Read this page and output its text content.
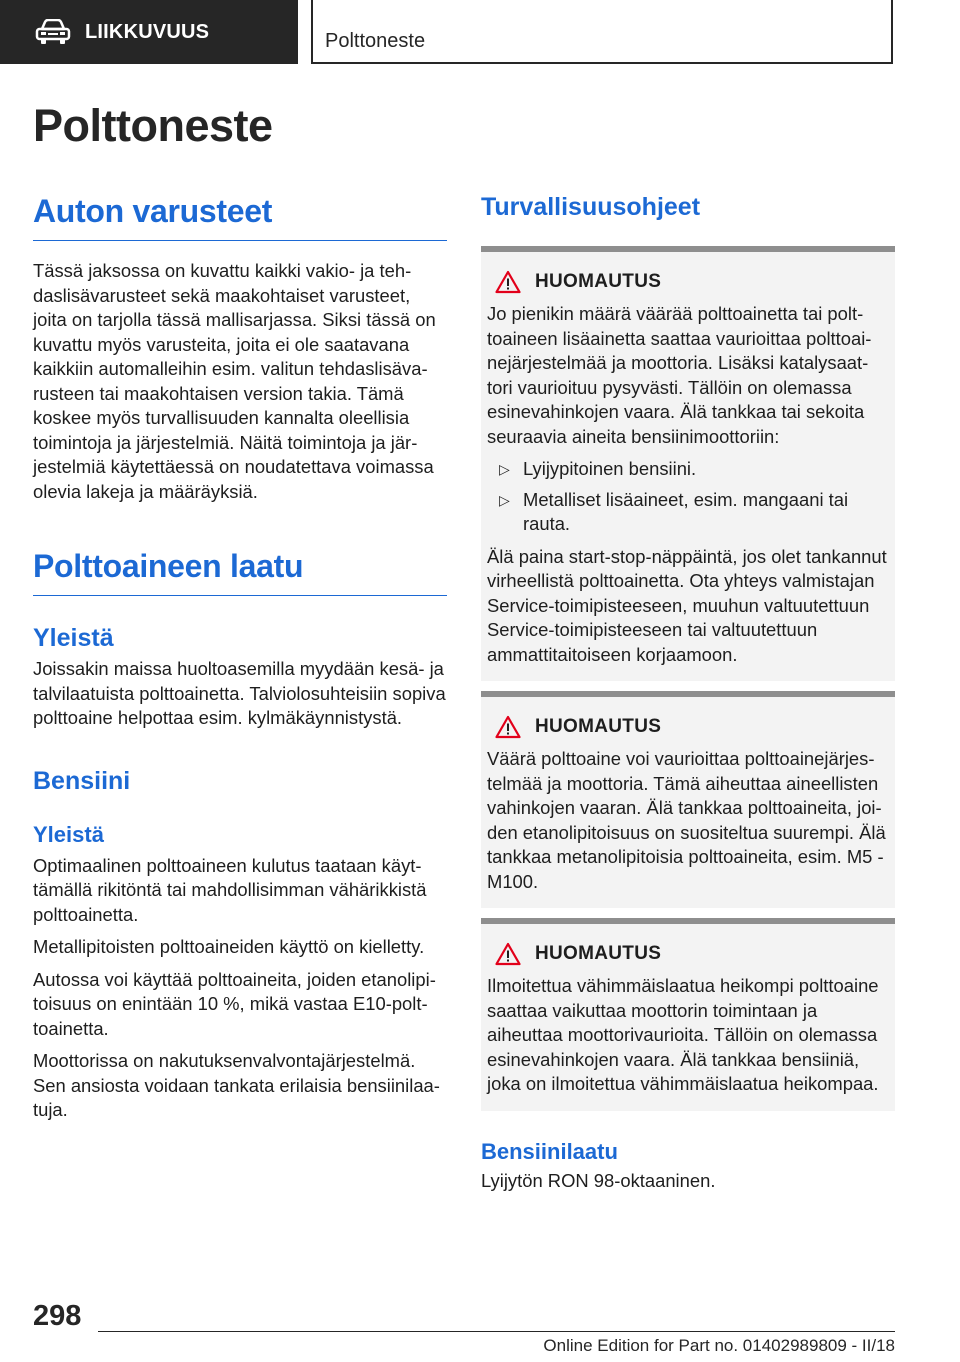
LIIKKUVUUS	Polttoneste
Polttoneste
Auton varusteet

Tässä jaksossa on kuvattu kaikki vakio- ja tehdaslisävarusteet sekä maakohtaiset varusteet, joita on tarjolla tässä mallisarjassa. Siksi tässä on kuvattu myös varusteita, joita ei ole saatavana kaikkiin automalleihin esim. valitun tehdaslisävarusteen tai maakohtaisen version takia. Tämä koskee myös turvallisuuden kannalta oleellisia toimintoja ja järjestelmiä. Näitä toimintoja ja järjestelmiä käytettäessä on noudatettava voimassa olevia lakeja ja määräyksiä.

Polttoaineen laatu
Yleistä

Joissakin maissa huoltoasemilla myydään kesä- ja talvilaatuista polttoainetta. Talviolosuhteisiin sopiva polttoaine helpottaa esim. kylmäkäynnistystä.

Bensiini
Yleistä

Optimaalinen polttoaineen kulutus taataan käyttämällä rikitöntä tai mahdollisimman vähärikkistä polttoainetta.

Metallipitoisten polttoaineiden käyttö on kielletty.

Autossa voi käyttää polttoaineita, joiden etanolipitoisuus on enintään 10 %, mikä vastaa E10-polttoainetta.

Moottorissa on nakutuksenvalvontajärjestelmä. Sen ansiosta voidaan tankata erilaisia bensiinilaatuja.

Turvallisuusohjeet
HUOMAUTUS

Jo pienikin määrä väärää polttoainetta tai polttoaineen lisäainetta saattaa vaurioittaa polttoainejärjestelmää ja moottoria. Lisäksi katalysaattori vaurioituu pysyvästi. Tällöin on olemassa esinevahinkojen vaara. Älä tankkaa tai sekoita seuraavia aineita bensiinimoottoriin:

▷ Lyijypitoinen bensiini.
▷ Metalliset lisäaineet, esim. mangaani tai rauta.

Älä paina start-stop-näppäintä, jos olet tankannut virheellistä polttoainetta. Ota yhteys valmistajan Service-toimipisteeseen, muuhun valtuutettuun Service-toimipisteeseen tai valtuutettuun ammattitaitoiseen korjaamoon.

HUOMAUTUS

Väärä polttoaine voi vaurioittaa polttoainejärjestelmää ja moottoria. Tämä aiheuttaa aineellisten vahinkojen vaaran. Älä tankkaa polttoaineita, joiden etanolipitoisuus on suositeltua suurempi. Älä tankkaa metanolipitoisia polttoaineita, esim. M5 - M100.

HUOMAUTUS

Ilmoitettua vähimmäislaatua heikompi polttoaine saattaa vaikuttaa moottorin toimintaan ja aiheuttaa moottorivaurioita. Tällöin on olemassa esinevahinkojen vaara. Älä tankkaa bensiiniä, joka on ilmoitettua vähimmäislaatua heikompaa.

Bensiinilaatu

Lyijytön RON 98-oktaaninen.

298
Online Edition for Part no. 01402989809 - II/18
